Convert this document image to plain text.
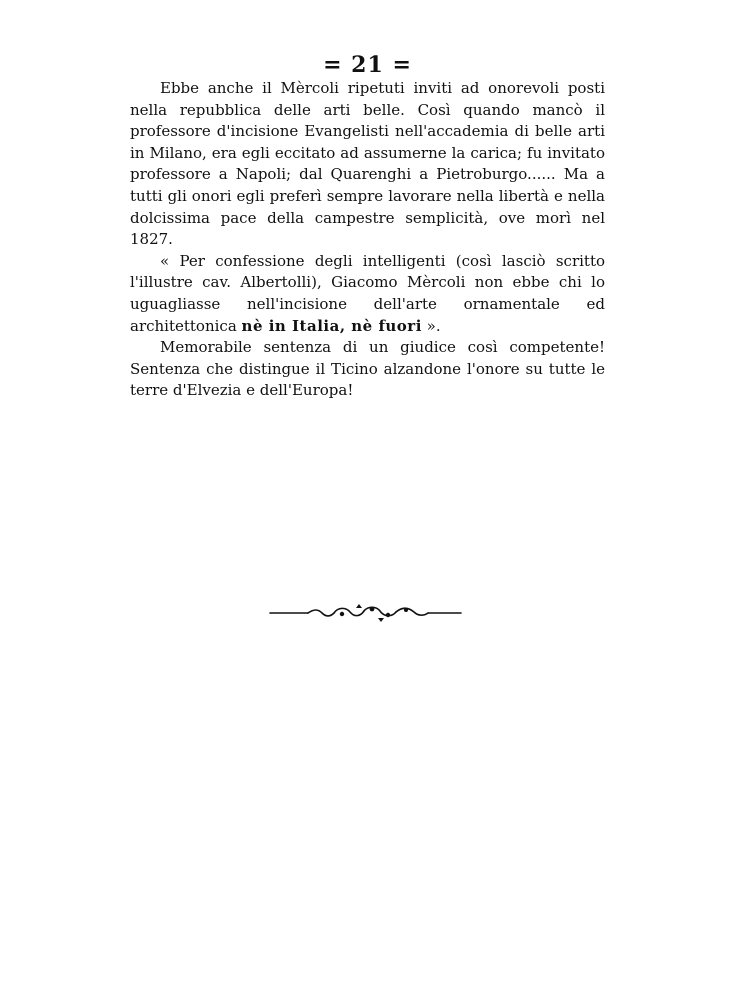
= 21 =

Ebbe anche il Mèrcoli ripetuti inviti ad onorevoli posti nella repubblica delle arti belle. Così quando mancò il professore d'incisione Evangelisti nell'accademia di belle arti in Milano, era egli eccitato ad assumerne la carica; fu invitato professore a Napoli; dal Quarenghi a Pietroburgo...... Ma a tutti gli onori egli preferì sempre lavorare nella libertà e nella dolcissima pace della campestre semplicità, ove morì nel 1827.

« Per confessione degli intelligenti (così lasciò scritto l'illustre cav. Albertolli), Giacomo Mèrcoli non ebbe chi lo uguagliasse nell'incisione dell'arte ornamentale ed architettonica nè in Italia, nè fuori ».

Memorabile sentenza di un giudice così competente! Sentenza che distingue il Ticino alzandone l'onore su tutte le terre d'Elvezia e dell'Europa!
